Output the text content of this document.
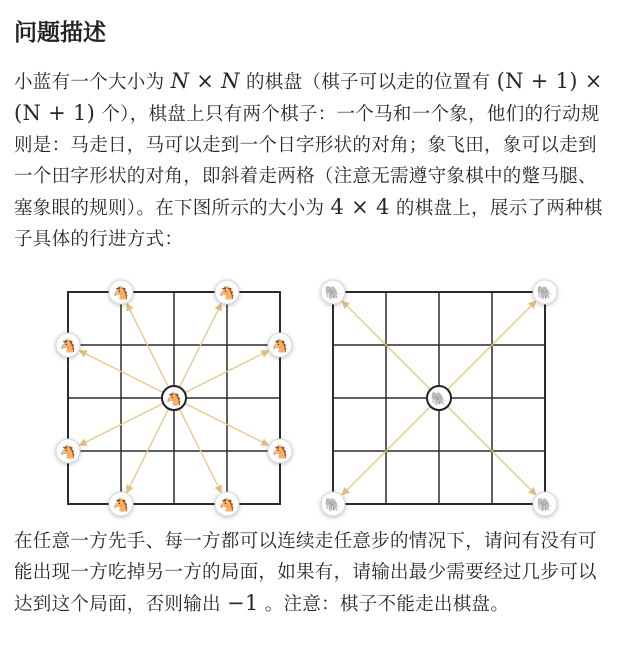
问题描述
小蓝有一个大小为 N × N 的棋盘（棋子可以走的位置有 (N + 1) × (N + 1) 个），棋盘上只有两个棋子：一个马和一个象，他们的行动规则是：马走日，马可以走到一个日字形状的对角；象飞田，象可以走到一个田字形状的对角，即斜着走两格（注意无需遵守象棋中的蹩马腿、塞象眼的规则）。在下图所示的大小为 4 × 4 的棋盘上，展示了两种棋子具体的行进方式：
🐴	🐴
🐴	🐴
🐴	🐴
🐴	🐴
🐴
🐘	🐘
🐘	🐘
🐘
在任意一方先手、每一方都可以连续走任意步的情况下，请问有没有可能出现一方吃掉另一方的局面，如果有，请输出最少需要经过几步可以达到这个局面，否则输出 −1 。注意：棋子不能走出棋盘。
